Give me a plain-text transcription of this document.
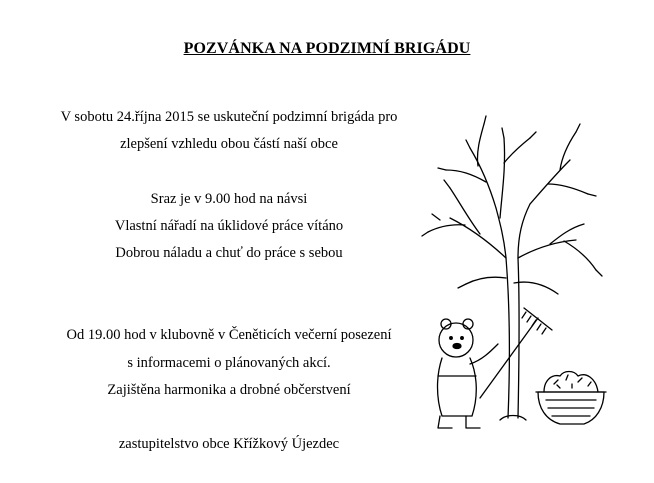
POZVÁNKA NA PODZIMNÍ BRIGÁDU
V sobotu 24.října 2015 se uskuteční podzimní brigáda pro
zlepšení vzhledu obou částí naší obce
Sraz je v 9.00 hod na návsi
Vlastní nářadí na úklidové práce vítáno
Dobrou náladu a chuť do práce s sebou
Od 19.00 hod v klubovně v Čeněticích večerní posezení
s informacemi o plánovaných akcí.
Zajištěna harmonika a drobné občerstvení
zastupitelstvo obce Křížkový Újezdec
